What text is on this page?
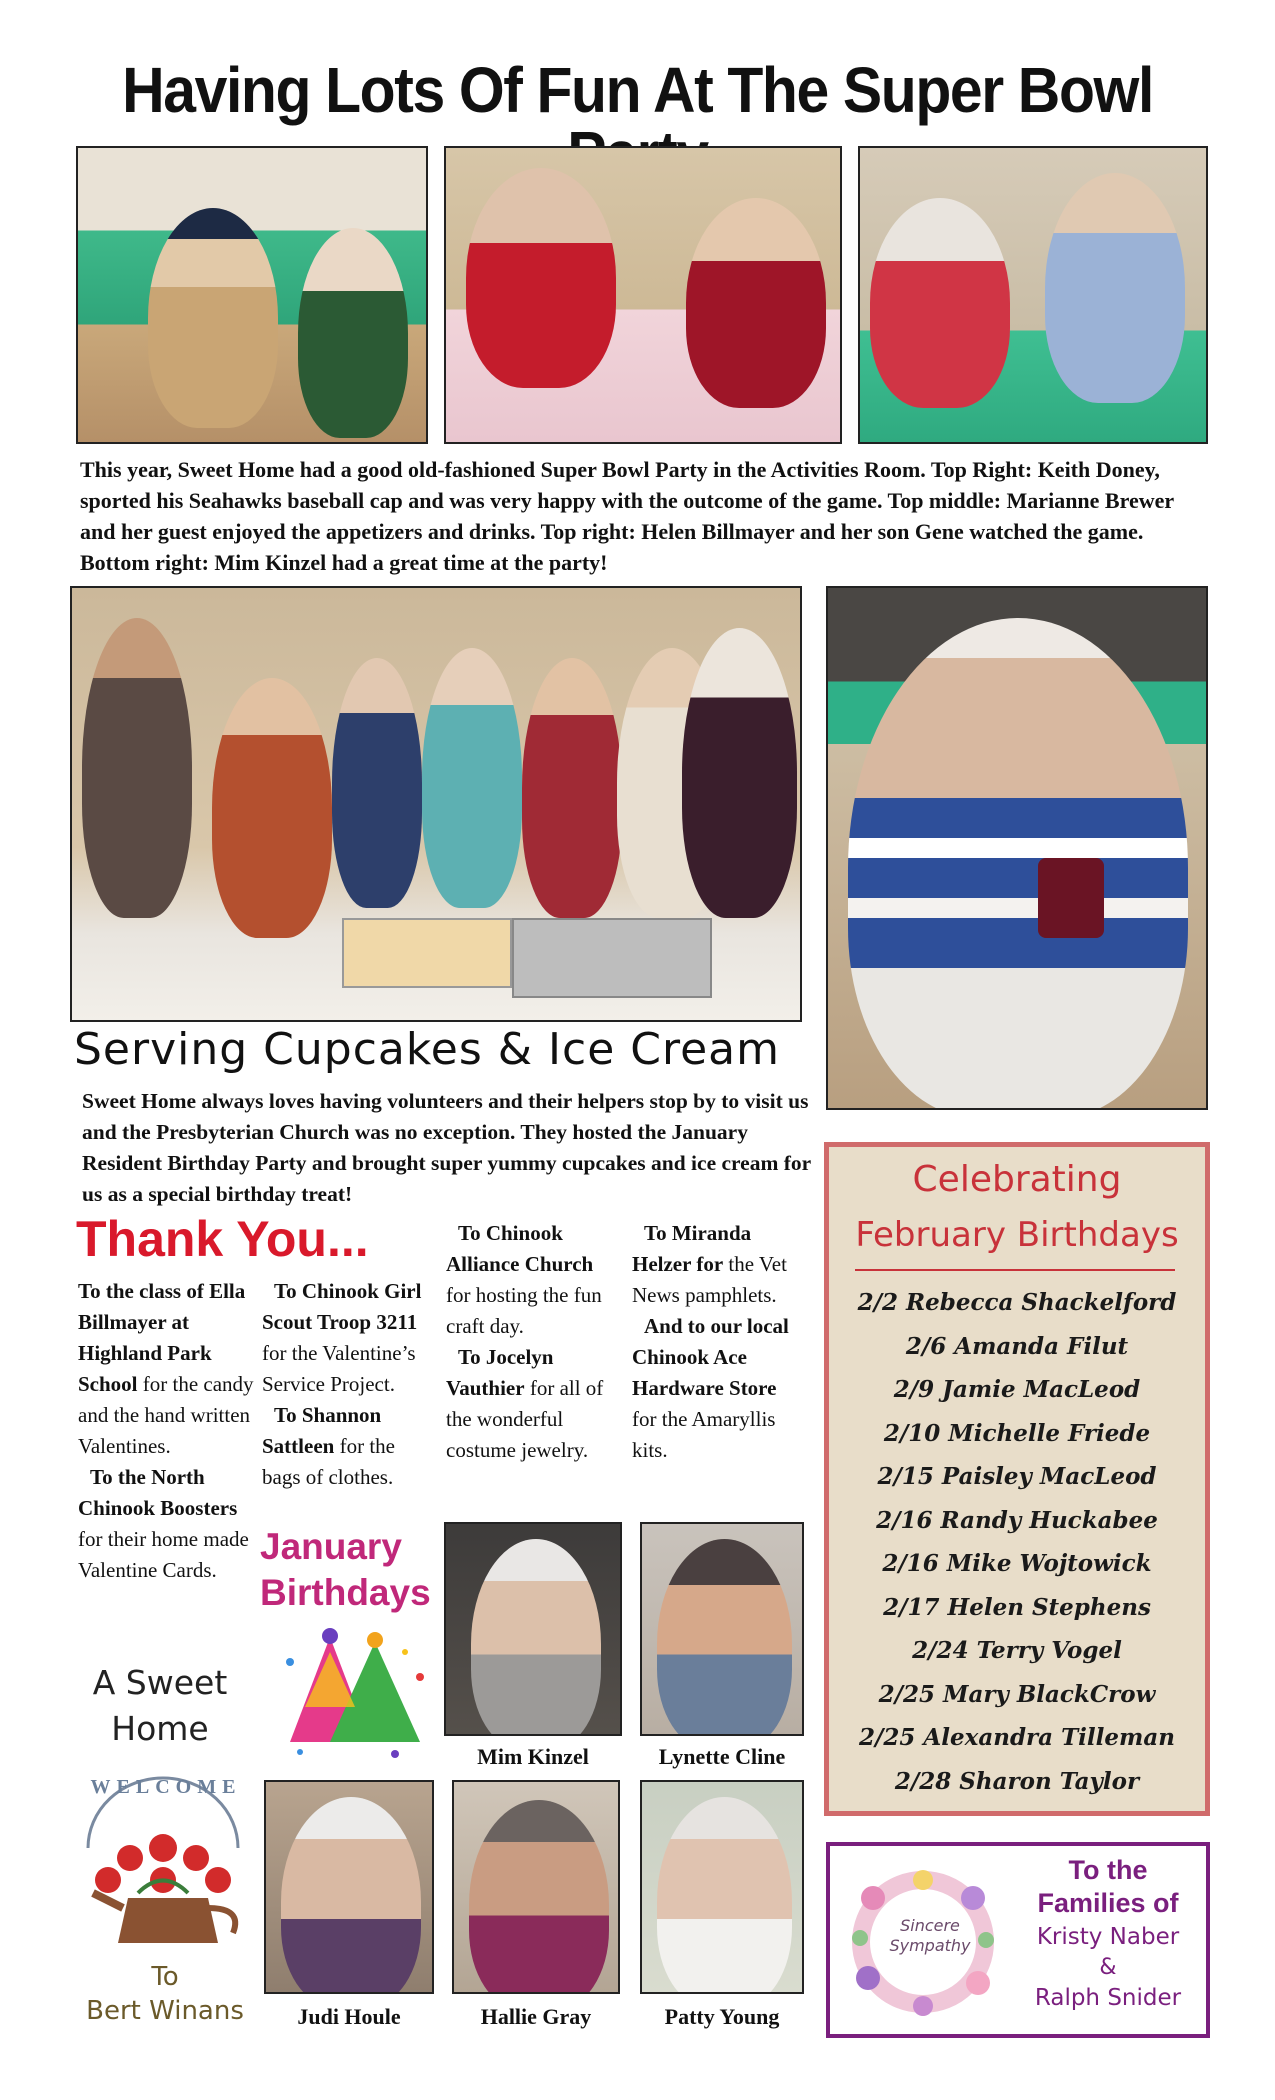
Having Lots Of Fun At The Super Bowl
This year, Sweet Home had a good old-fashioned Super Bowl Party in the Activities Room. Top Right: Keith Doney, sported his Seahawks baseball cap and was very happy with the outcome of the game. Top middle: Marianne Brewer and her guest enjoyed the appetizers and drinks. Top right: Helen Billmayer and her son Gene watched the game. Bottom right: Mim Kinzel had a great time at the party!
Serving Cupcakes & Ice Cream
Sweet Home always loves having volunteers and their helpers stop by to visit us and the Presbyterian Church was no exception. They hosted the January Resident Birthday Party and brought super yummy cupcakes and ice cream for us as a special birthday treat!
Thank You...
To the class of Ella Billmayer at Highland Park School for the candy and the hand written Valentines.
To the North Chinook Boosters for their home made Valentine Cards.
To Chinook Girl Scout Troop 3211 for the Valentine’s Service Project.
To Shannon Sattleen for the bags of clothes.
To Chinook Alliance Church for hosting the fun craft day.
To Jocelyn Vauthier for all of the wonderful costume jewelry.
To Miranda Helzer for the Vet News pamphlets.
And to our local Chinook Ace Hardware Store for the Amaryllis kits.
January
Birthdays
Mim Kinzel	Lynette Cline
Judi Houle	Hallie Gray	Patty Young
A Sweet
Home
WELCOME
To
Bert Winans
Celebrating
February Birthdays
2/2 Rebecca Shackelford
2/6 Amanda Filut
2/9 Jamie MacLeod
2/10 Michelle Friede
2/15 Paisley MacLeod
2/16 Randy Huckabee
2/16 Mike Wojtowick
2/17 Helen Stephens
2/24 Terry Vogel
2/25 Mary BlackCrow
2/25 Alexandra Tilleman
2/28 Sharon Taylor
Sincere Sympathy
To the
Families of
Kristy Naber
&
Ralph Snider
